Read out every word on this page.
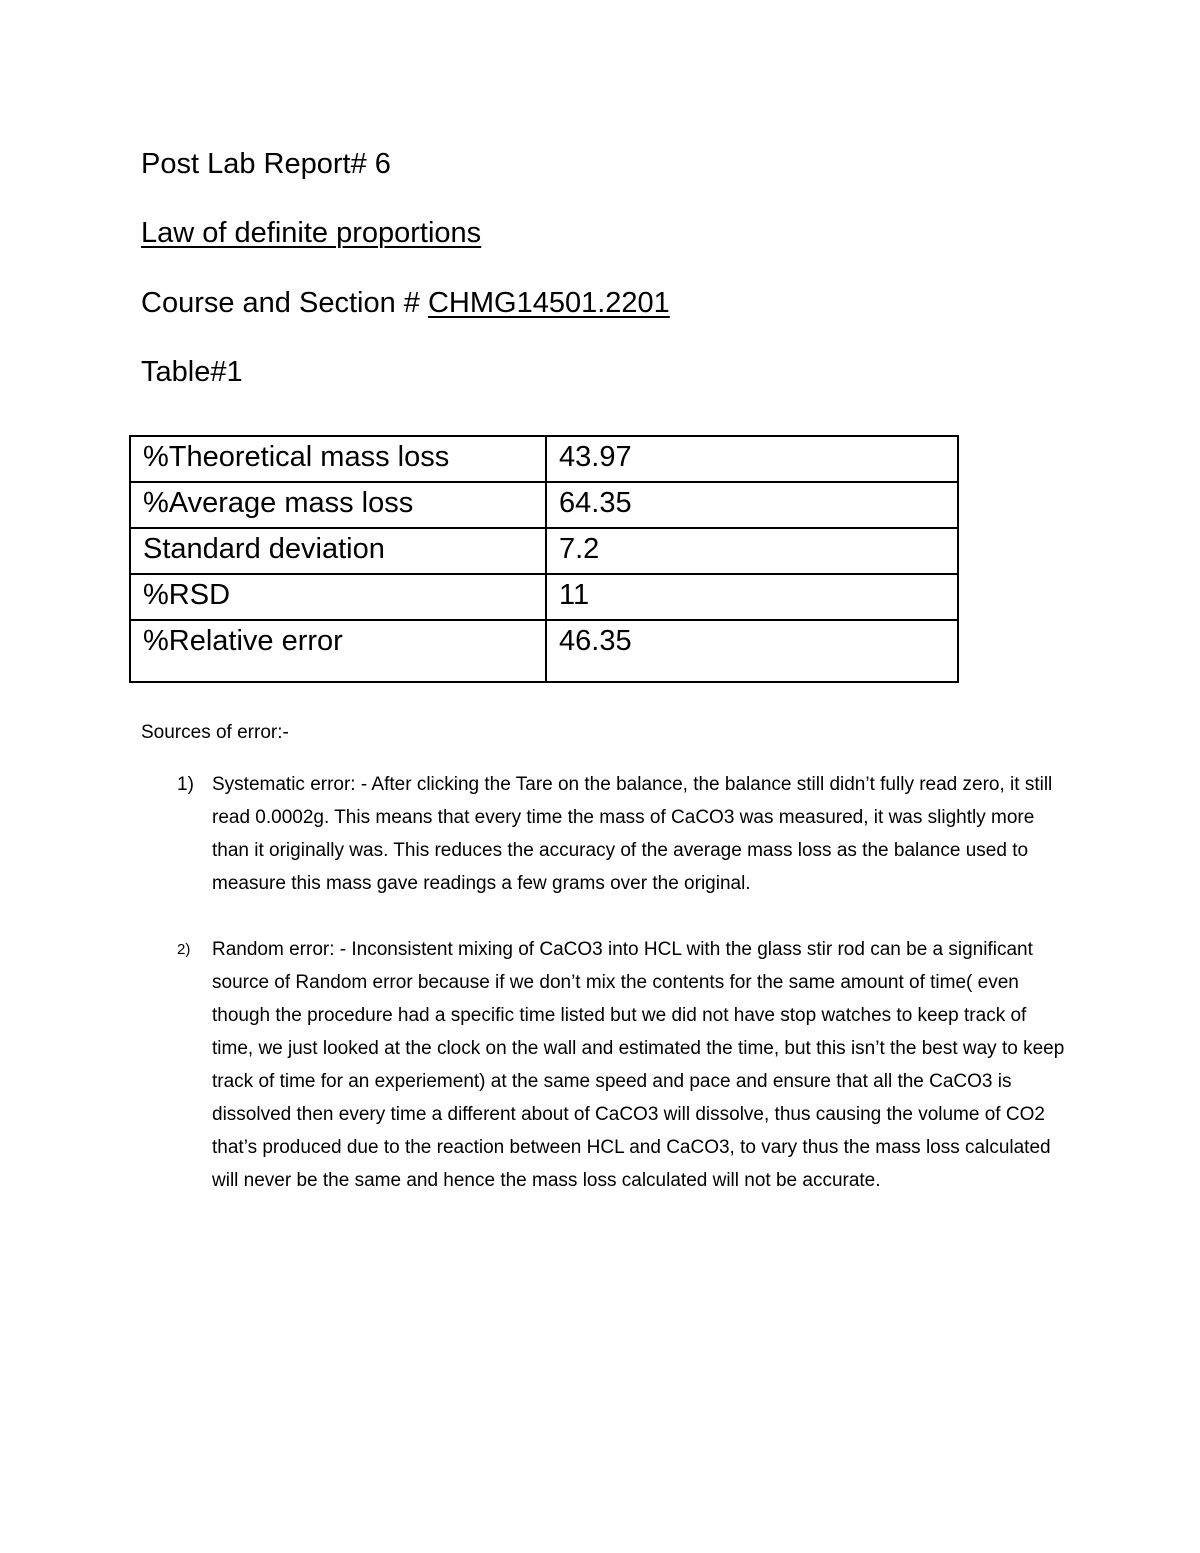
Post Lab Report# 6
Law of definite proportions
Course and Section # CHMG14501.2201
Table#1
%Theoretical mass loss	43.97
%Average mass loss	64.35
Standard deviation	7.2
%RSD	11
%Relative error	46.35
Sources of error:-
1) Systematic error: - After clicking the Tare on the balance, the balance still didn’t fully read zero, it still read 0.0002g. This means that every time the mass of CaCO3 was measured, it was slightly more than it originally was. This reduces the accuracy of the average mass loss as the balance used to measure this mass gave readings a few grams over the original.
2)	Random error: - Inconsistent mixing of CaCO3 into HCL with the glass stir rod can be a significant source of Random error because if we don’t mix the contents for the same amount of time( even though the procedure had a specific time listed but we did not have stop watches to keep track of time, we just looked at the clock on the wall and estimated the time, but this isn’t the best way to keep track of time for an experiement) at the same speed and pace and ensure that all the CaCO3 is dissolved then every time a different about of CaCO3 will dissolve, thus causing the volume of CO2 that’s produced due to the reaction between HCL and CaCO3, to vary thus the mass loss calculated will never be the same and hence the mass loss calculated will not be accurate.
